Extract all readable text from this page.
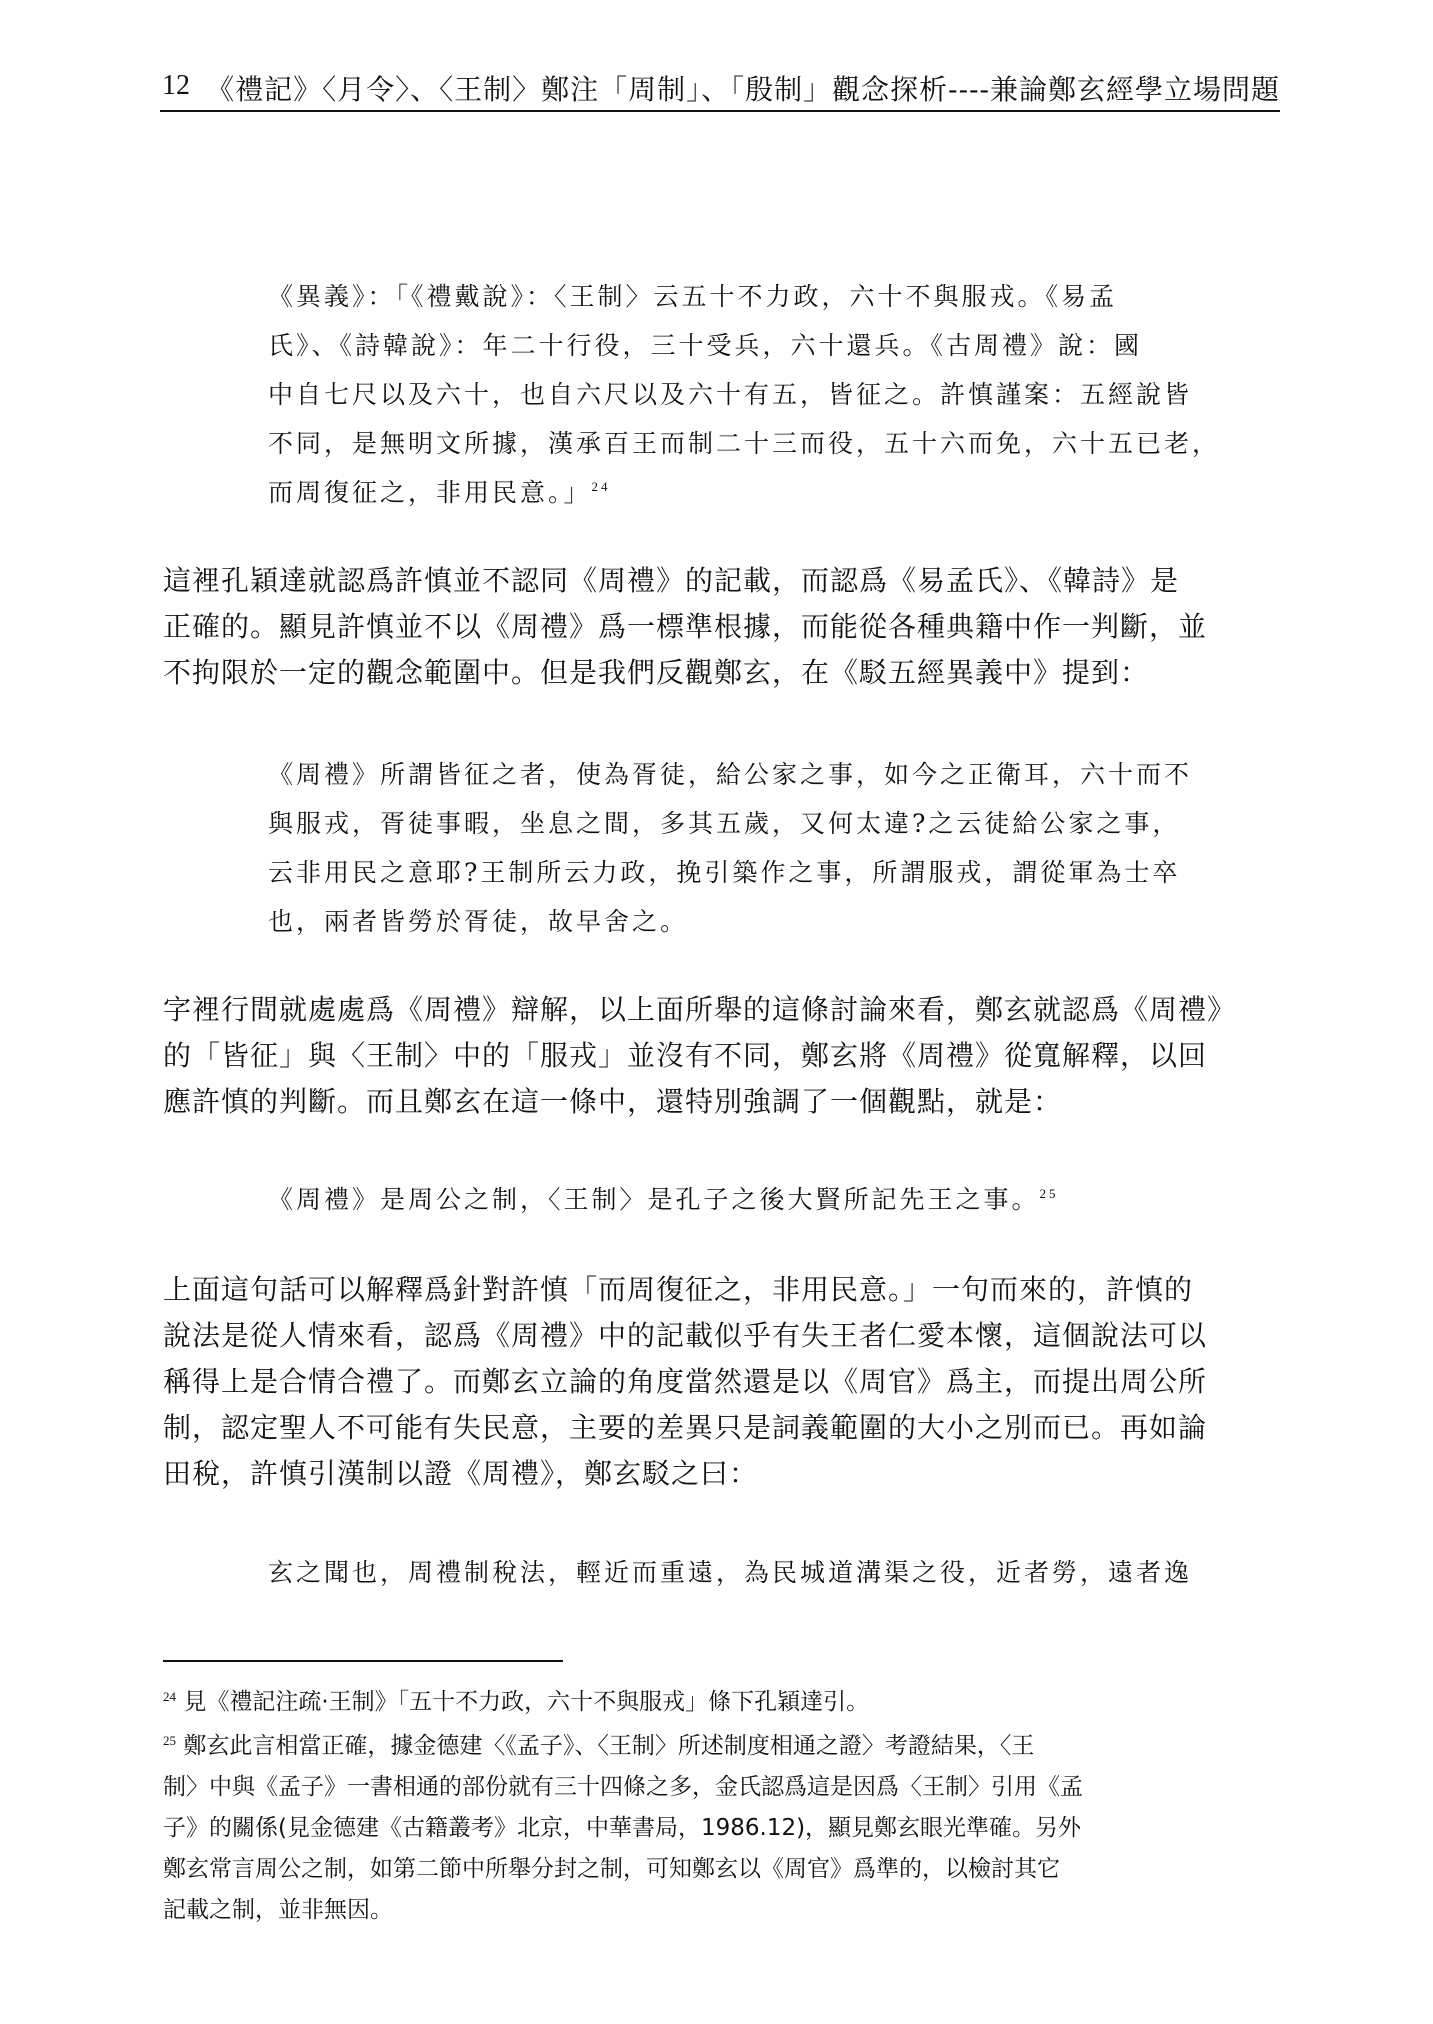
12 《禮記》〈月令〉、〈王制〉鄭注「周制」、「殷制」觀念探析----兼論鄭玄經學立場問題
《異義》：「《禮戴說》：〈王制〉云五十不力政，六十不與服戎。《易孟
氏》、《詩韓說》：年二十行役，三十受兵，六十還兵。《古周禮》說：國
中自七尺以及六十，也自六尺以及六十有五，皆征之。許慎謹案：五經說皆
不同，是無明文所據，漢承百王而制二十三而役，五十六而免，六十五已老，
而周復征之，非用民意。」$^{24}$
這裡孔穎達就認爲許慎並不認同《周禮》的記載，而認爲《易孟氏》、《韓詩》是
正確的。顯見許慎並不以《周禮》爲一標準根據，而能從各種典籍中作一判斷，並
不拘限於一定的觀念範圍中。但是我們反觀鄭玄，在《駁五經異義中》提到：
《周禮》所謂皆征之者，使為胥徒，給公家之事，如今之正衛耳，六十而不
與服戎，胥徒事暇，坐息之間，多其五歲，又何太違?之云徒給公家之事，
云非用民之意耶?王制所云力政，挽引築作之事，所謂服戎，謂從軍為士卒
也，兩者皆勞於胥徒，故早舍之。
字裡行間就處處爲《周禮》辯解，以上面所舉的這條討論來看，鄭玄就認爲《周禮》
的「皆征」與〈王制〉中的「服戎」並沒有不同，鄭玄將《周禮》從寬解釋，以回
應許慎的判斷。而且鄭玄在這一條中，還特別強調了一個觀點，就是：
《周禮》是周公之制，〈王制〉是孔子之後大賢所記先王之事。$^{25}$
上面這句話可以解釋爲針對許慎「而周復征之，非用民意。」一句而來的，許慎的
說法是從人情來看，認爲《周禮》中的記載似乎有失王者仁愛本懷，這個說法可以
稱得上是合情合禮了。而鄭玄立論的角度當然還是以《周官》爲主，而提出周公所
制，認定聖人不可能有失民意，主要的差異只是詞義範圍的大小之別而已。再如論
田稅，許慎引漢制以證《周禮》，鄭玄駁之曰：
玄之聞也，周禮制稅法，輕近而重遠，為民城道溝渠之役，近者勞，遠者逸
$^{24}$ 見《禮記注疏·王制》「五十不力政，六十不與服戎」條下孔穎達引。
$^{25}$ 鄭玄此言相當正確，據金德建〈《孟子》、〈王制〉所述制度相通之證〉考證結果，〈王
制〉中與《孟子》一書相通的部份就有三十四條之多，金氏認爲這是因爲〈王制〉引用《孟
子》的關係(見金德建《古籍叢考》北京，中華書局，1986.12)，顯見鄭玄眼光準確。另外
鄭玄常言周公之制，如第二節中所舉分封之制，可知鄭玄以《周官》爲準的，以檢討其它
記載之制，並非無因。
